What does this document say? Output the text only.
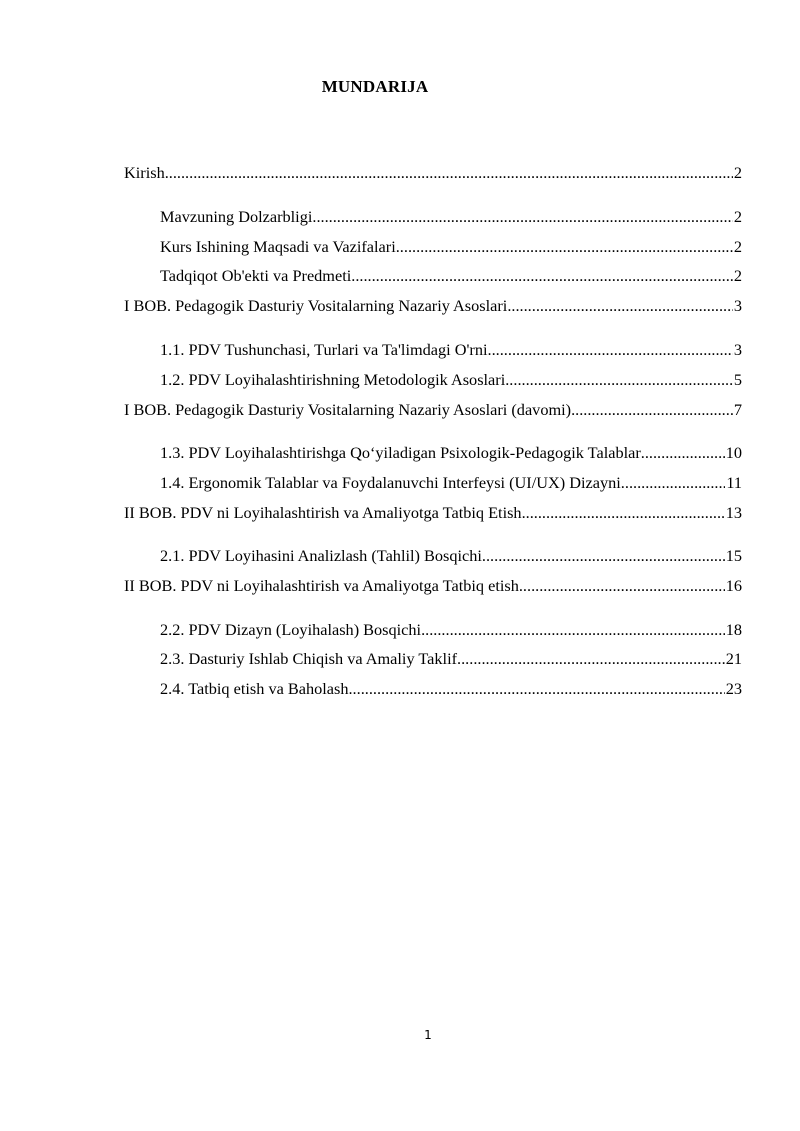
MUNDARIJA
Kirish .....	2
Mavzuning Dolzarbligi .....	2
Kurs Ishining Maqsadi va Vazifalari .....	2
Tadqiqot Ob'ekti va Predmeti .....	2
I BOB. Pedagogik Dasturiy Vositalarning Nazariy Asoslari .....	3
1.1. PDV Tushunchasi, Turlari va Ta'limdagi O'rni .....	3
1.2. PDV Loyihalashtirishning Metodologik Asoslari .....	5
I BOB. Pedagogik Dasturiy Vositalarning Nazariy Asoslari (davomi) .....	7
1.3. PDV Loyihalashtirishga Qo‘yiladigan Psixologik-Pedagogik Talablar .....	10
1.4. Ergonomik Talablar va Foydalanuvchi Interfeysi (UI/UX) Dizayni .....	11
II BOB. PDV ni Loyihalashtirish va Amaliyotga Tatbiq Etish .....	13
2.1. PDV Loyihasini Analizlash (Tahlil) Bosqichi .....	15
II BOB. PDV ni Loyihalashtirish va Amaliyotga Tatbiq etish .....	16
2.2. PDV Dizayn (Loyihalash) Bosqichi .....	18
2.3. Dasturiy Ishlab Chiqish va Amaliy Taklif .....	21
2.4. Tatbiq etish va Baholash .....	23
1
